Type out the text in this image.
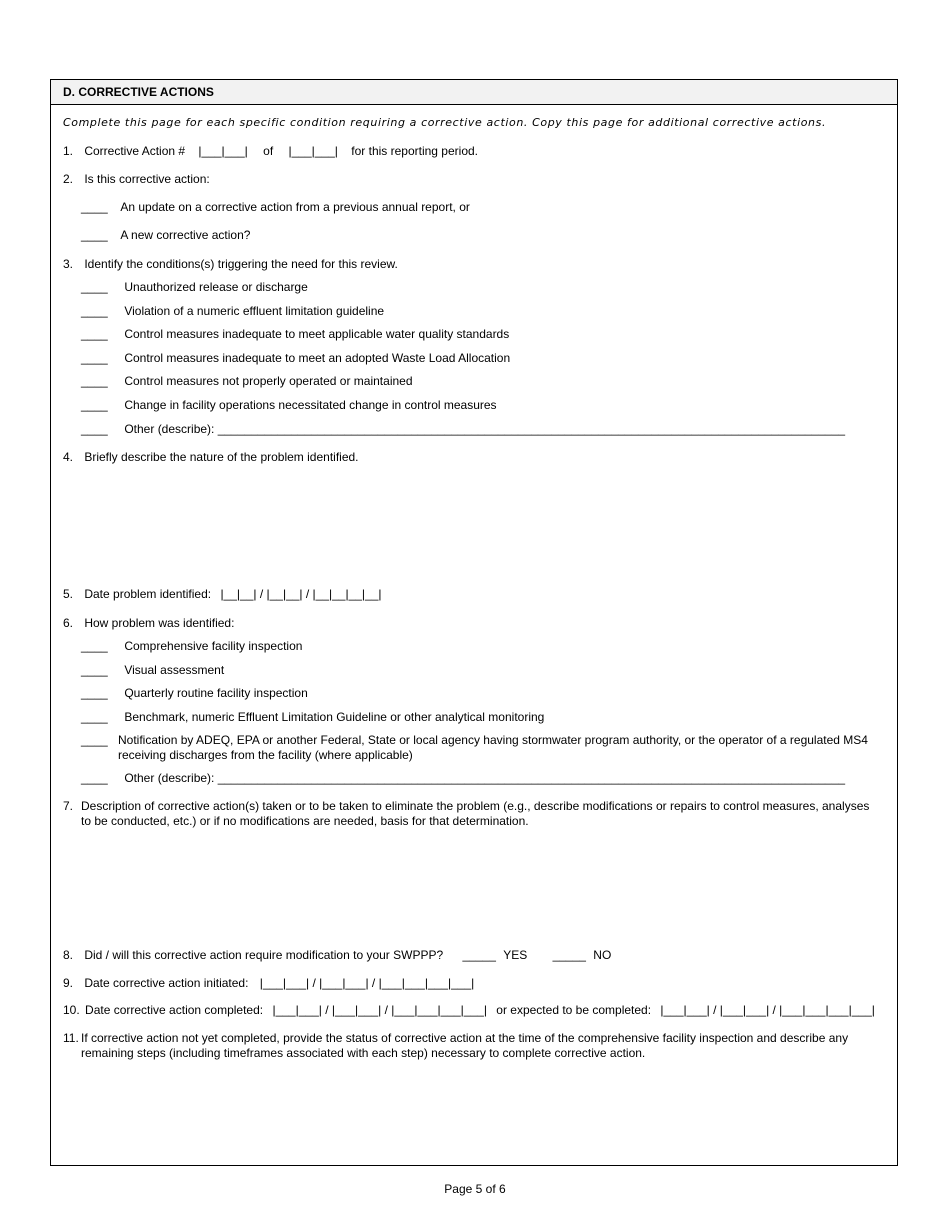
D. CORRECTIVE ACTIONS
Complete this page for each specific condition requiring a corrective action. Copy this page for additional corrective actions.
1. Corrective Action # |___|___| of |___|___| for this reporting period.
2. Is this corrective action:
____ An update on a corrective action from a previous annual report, or
____ A new corrective action?
3. Identify the conditions(s) triggering the need for this review.
____ Unauthorized release or discharge
____ Violation of a numeric effluent limitation guideline
____ Control measures inadequate to meet applicable water quality standards
____ Control measures inadequate to meet an adopted Waste Load Allocation
____ Control measures not properly operated or maintained
____ Change in facility operations necessitated change in control measures
____ Other (describe): ______________________________________________________________________________________________
4. Briefly describe the nature of the problem identified.
5. Date problem identified: |__|__| / |__|__| / |__|__|__|__|
6. How problem was identified:
____ Comprehensive facility inspection
____ Visual assessment
____ Quarterly routine facility inspection
____ Benchmark, numeric Effluent Limitation Guideline or other analytical monitoring
____ Notification by ADEQ, EPA or another Federal, State or local agency having stormwater program authority, or the operator of a regulated MS4 receiving discharges from the facility (where applicable)
____ Other (describe): ______________________________________________________________________________________________
7. Description of corrective action(s) taken or to be taken to eliminate the problem (e.g., describe modifications or repairs to control measures, analyses to be conducted, etc.) or if no modifications are needed, basis for that determination.
8. Did / will this corrective action require modification to your SWPPP? _____ YES _____ NO
9. Date corrective action initiated: |___|___| / |___|___| / |___|___|___|___|
10. Date corrective action completed: |___|___| / |___|___| / |___|___|___|___| or expected to be completed: |___|___| / |___|___| / |___|___|___|___|
11. If corrective action not yet completed, provide the status of corrective action at the time of the comprehensive facility inspection and describe any remaining steps (including timeframes associated with each step) necessary to complete corrective action.
Page 5 of 6
